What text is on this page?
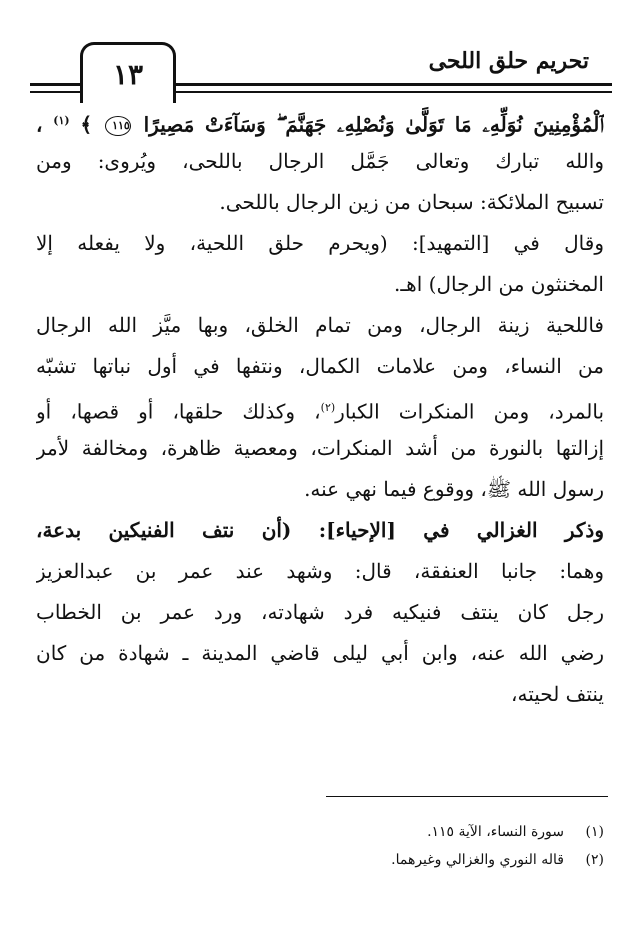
١٣	تحريم حلق اللحى
ٱلْمُؤْمِنِينَ نُوَلِّهِۦ مَا تَوَلَّىٰ وَنُصْلِهِۦ جَهَنَّمَ ۖ وَسَآءَتْ مَصِيرًا ١١٥ ﴾ $^{(١)}$ ،
والله تبارك وتعالى جَمَّل الرجال باللحى، ويُروى: ومن
تسبيح الملائكة: سبحان من زين الرجال باللحى.
وقال في [التمهيد]: (ويحرم حلق اللحية، ولا يفعله إلا
المخنثون من الرجال) اهـ.
فاللحية زينة الرجال، ومن تمام الخلق، وبها ميَّز الله الرجال
من النساء، ومن علامات الكمال، ونتفها في أول نباتها تشبّه
بالمرد، ومن المنكرات الكبار$^{(٢)}$، وكذلك حلقها، أو قصها، أو
إزالتها بالنورة من أشد المنكرات، ومعصية ظاهرة، ومخالفة لأمر
رسول الله ﷺ، ووقوع فيما نهي عنه.
وذكر الغزالي في [الإحياء]: (أن نتف الفنيكين بدعة،
وهما: جانبا العنفقة، قال: وشهد عند عمر بن عبدالعزيز
رجل كان ينتف فنيكيه فرد شهادته، ورد عمر بن الخطاب
رضي الله عنه، وابن أبي ليلى قاضي المدينة ـ شهادة من كان
ينتف لحيته،
(١)سورة النساء، الآية ١١٥.
(٢)قاله النوري والغزالي وغيرهما.
